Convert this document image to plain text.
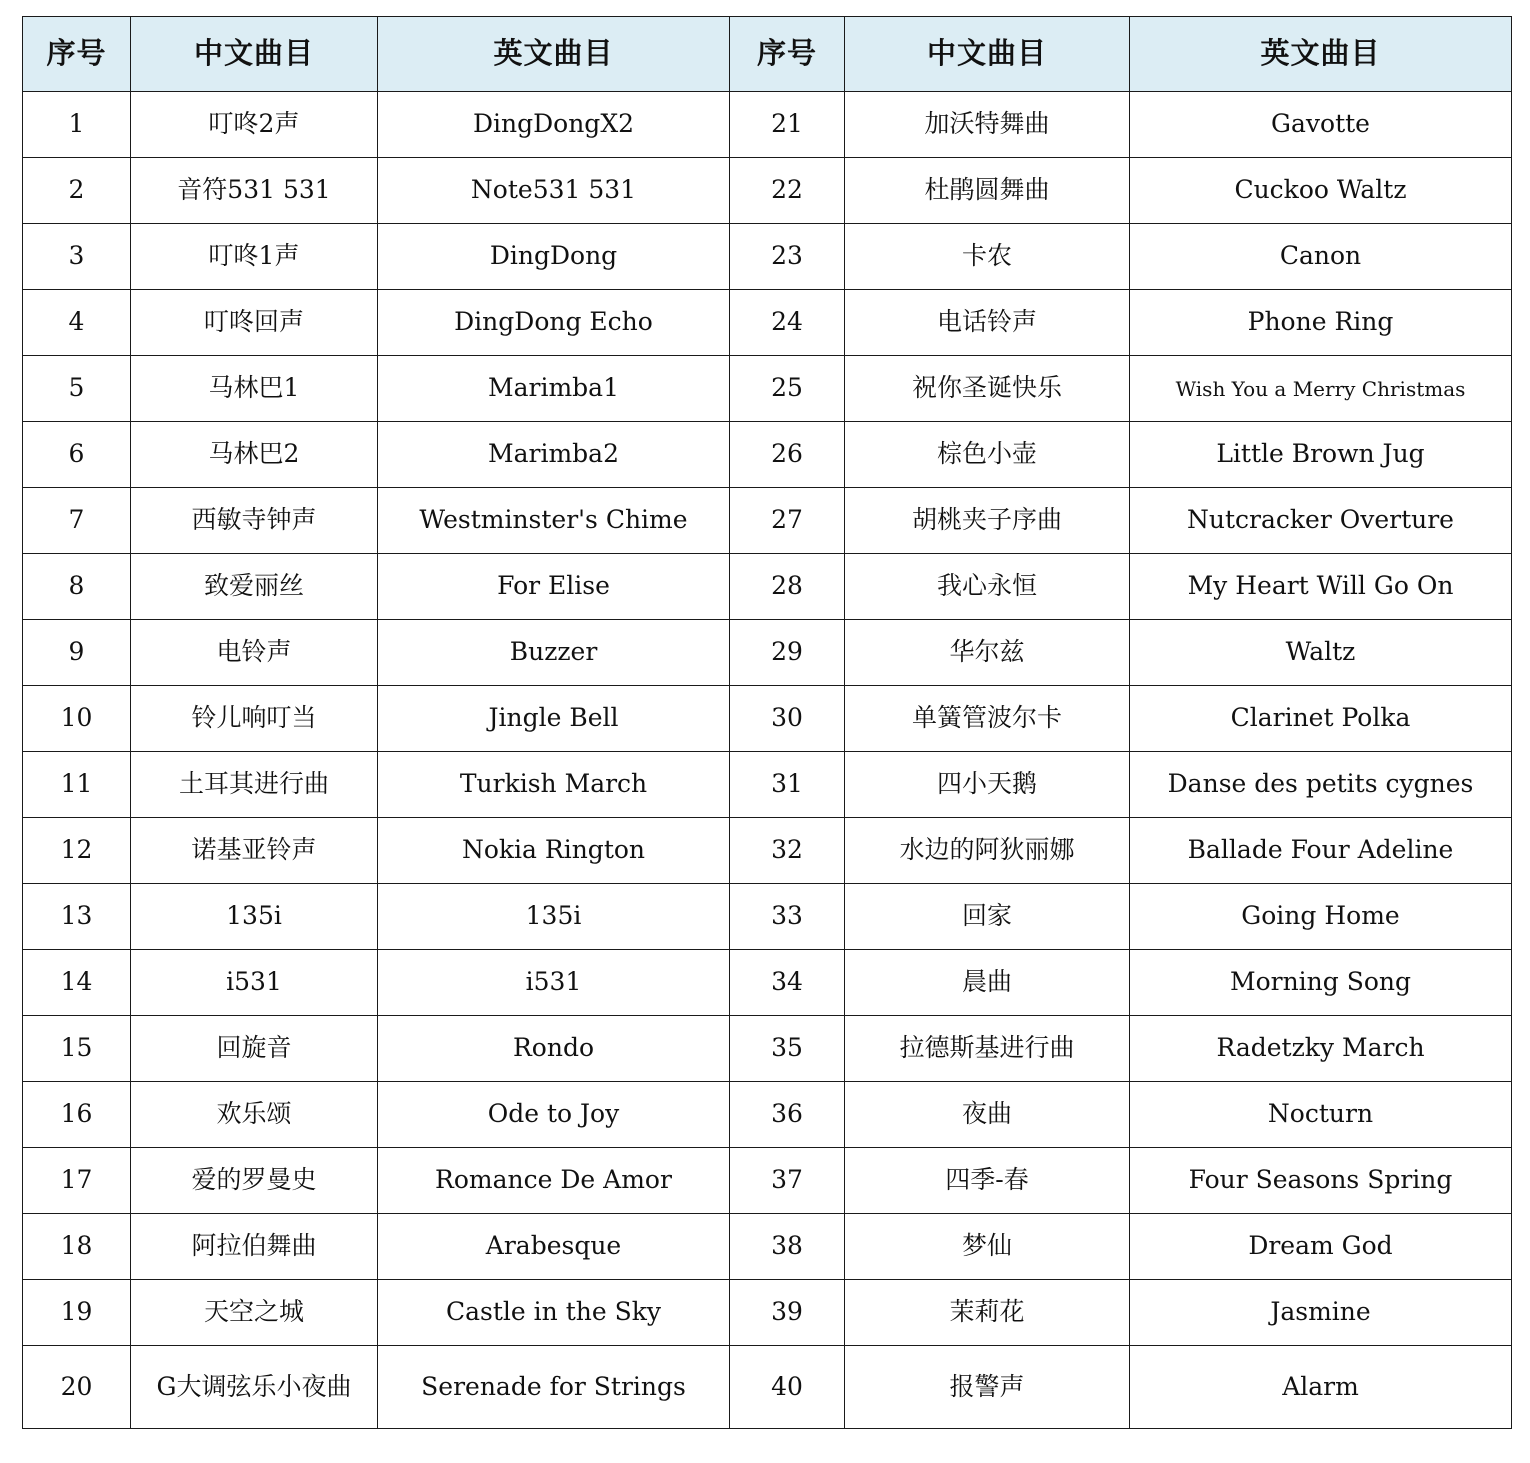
序号	中文曲目	英文曲目	序号	中文曲目	英文曲目
1	叮咚2声	DingDongX2	21	加沃特舞曲	Gavotte
2	音符531 531	Note531 531	22	杜鹃圆舞曲	Cuckoo Waltz
3	叮咚1声	DingDong	23	卡农	Canon
4	叮咚回声	DingDong Echo	24	电话铃声	Phone Ring
5	马林巴1	Marimba1	25	祝你圣诞快乐	Wish You a Merry Christmas
6	马林巴2	Marimba2	26	棕色小壶	Little Brown Jug
7	西敏寺钟声	Westminster's Chime	27	胡桃夹子序曲	Nutcracker Overture
8	致爱丽丝	For Elise	28	我心永恒	My Heart Will Go On
9	电铃声	Buzzer	29	华尔兹	Waltz
10	铃儿响叮当	Jingle Bell	30	单簧管波尔卡	Clarinet Polka
11	土耳其进行曲	Turkish March	31	四小天鹅	Danse des petits cygnes
12	诺基亚铃声	Nokia Rington	32	水边的阿狄丽娜	Ballade Four Adeline
13	135i	135i	33	回家	Going Home
14	i531	i531	34	晨曲	Morning Song
15	回旋音	Rondo	35	拉德斯基进行曲	Radetzky March
16	欢乐颂	Ode to Joy	36	夜曲	Nocturn
17	爱的罗曼史	Romance De Amor	37	四季-春	Four Seasons Spring
18	阿拉伯舞曲	Arabesque	38	梦仙	Dream God
19	天空之城	Castle in the Sky	39	茉莉花	Jasmine
20	G大调弦乐小夜曲	Serenade for Strings	40	报警声	Alarm
